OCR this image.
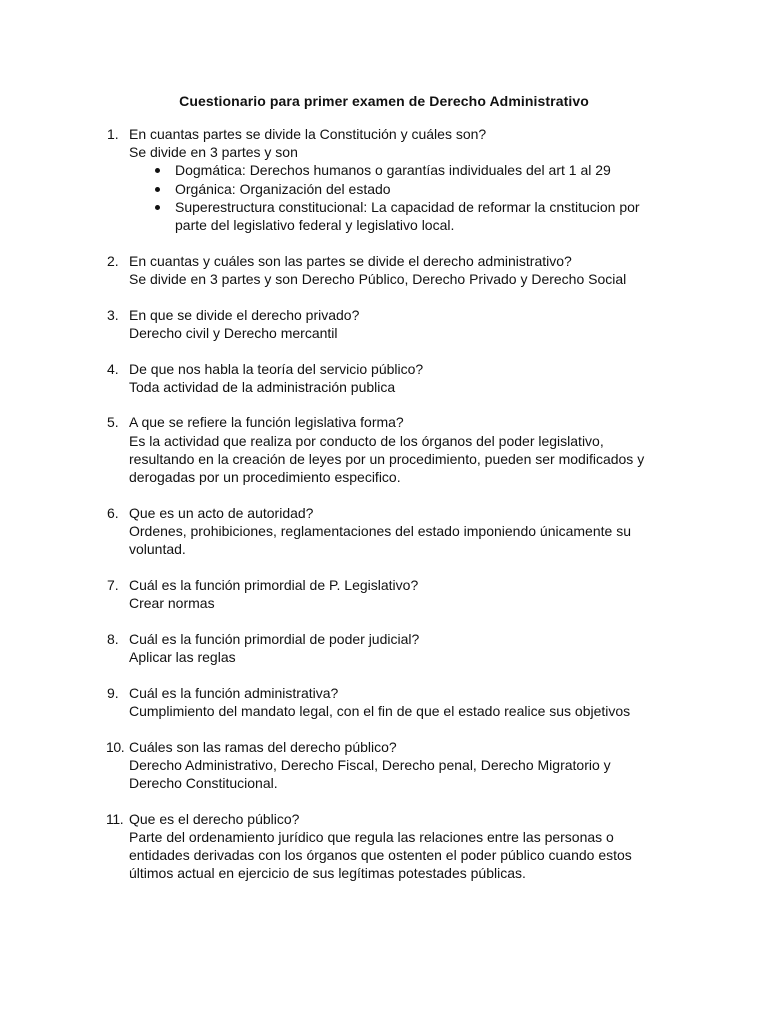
Cuestionario para primer examen de Derecho Administrativo
1. En cuantas partes se divide la Constitución y cuáles son?
Se divide en 3 partes y son
Dogmática: Derechos humanos o garantías individuales del art 1 al 29
Orgánica: Organización del estado
Superestructura constitucional: La capacidad de reformar la cnstitucion por parte del legislativo federal y legislativo local.
2. En cuantas y cuáles son las partes se divide el derecho administrativo?
Se divide en 3 partes y son Derecho Público, Derecho Privado y Derecho Social
3. En que se divide el derecho privado?
Derecho civil y Derecho mercantil
4. De que nos habla la teoría del servicio público?
Toda actividad de la administración publica
5. A que se refiere la función legislativa forma?
Es la actividad que realiza por conducto de los órganos del poder legislativo, resultando en la creación de leyes por un procedimiento, pueden ser modificados y derogadas por un procedimiento especifico.
6. Que es un acto de autoridad?
Ordenes, prohibiciones, reglamentaciones del estado imponiendo únicamente su voluntad.
7. Cuál es la función primordial de P. Legislativo?
Crear normas
8. Cuál es la función primordial de poder judicial?
Aplicar las reglas
9. Cuál es la función administrativa?
Cumplimiento del mandato legal, con el fin de que el estado realice sus objetivos
10. Cuáles son las ramas del derecho público?
Derecho Administrativo, Derecho Fiscal, Derecho penal, Derecho Migratorio y Derecho Constitucional.
11. Que es el derecho público?
Parte del ordenamiento jurídico que regula las relaciones entre las personas o entidades derivadas con los órganos que ostenten el poder público cuando estos últimos actual en ejercicio de sus legítimas potestades públicas.
